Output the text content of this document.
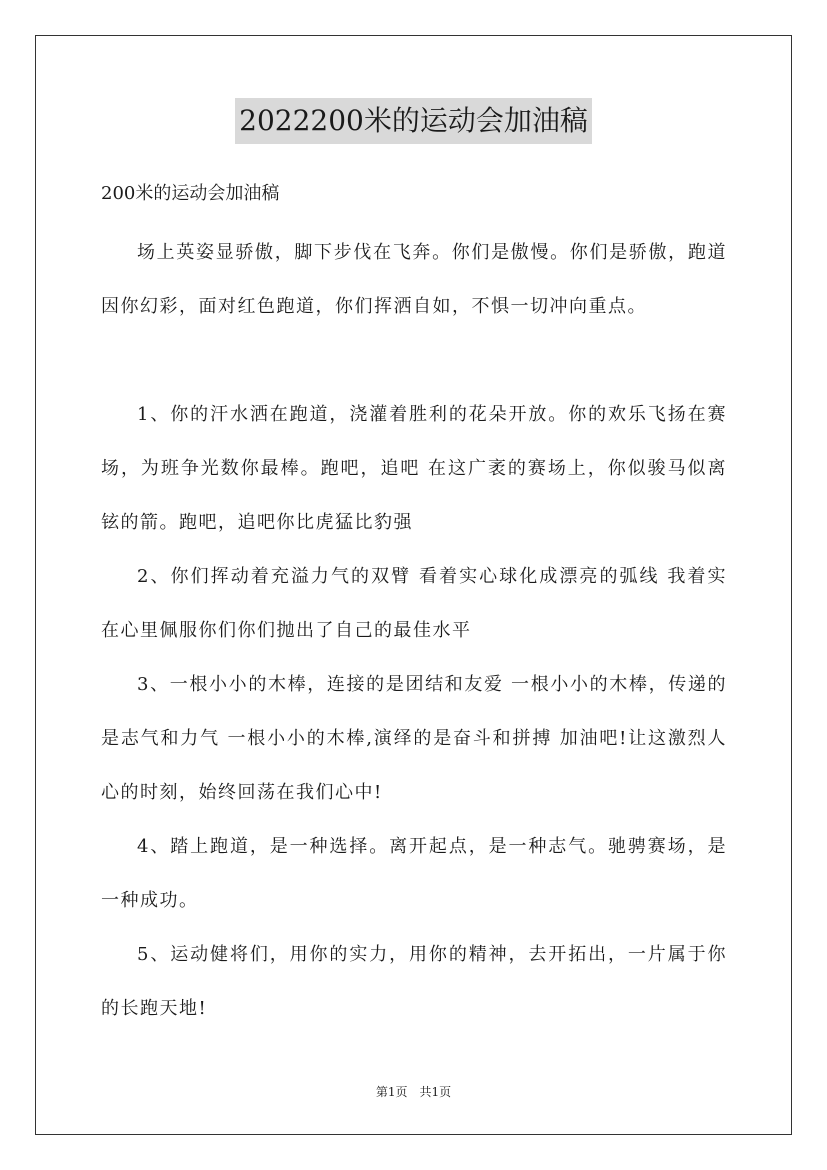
2022200米的运动会加油稿
200米的运动会加油稿

场上英姿显骄傲，脚下步伐在飞奔。你们是傲慢。你们是骄傲，跑道因你幻彩，面对红色跑道，你们挥洒自如，不惧一切冲向重点。

1、你的汗水洒在跑道，浇灌着胜利的花朵开放。你的欢乐飞扬在赛场，为班争光数你最棒。跑吧，追吧 在这广袤的赛场上，你似骏马似离铉的箭。跑吧，追吧你比虎猛比豹强

2、你们挥动着充溢力气的双臂 看着实心球化成漂亮的弧线 我着实在心里佩服你们你们抛出了自己的最佳水平

3、一根小小的木棒，连接的是团结和友爱 一根小小的木棒，传递的是志气和力气 一根小小的木棒,演绎的是奋斗和拼搏 加油吧!让这激烈人心的时刻，始终回荡在我们心中!

4、踏上跑道，是一种选择。离开起点，是一种志气。驰骋赛场，是一种成功。

5、运动健将们，用你的实力，用你的精神，去开拓出，一片属于你的长跑天地!

第1页 共1页
